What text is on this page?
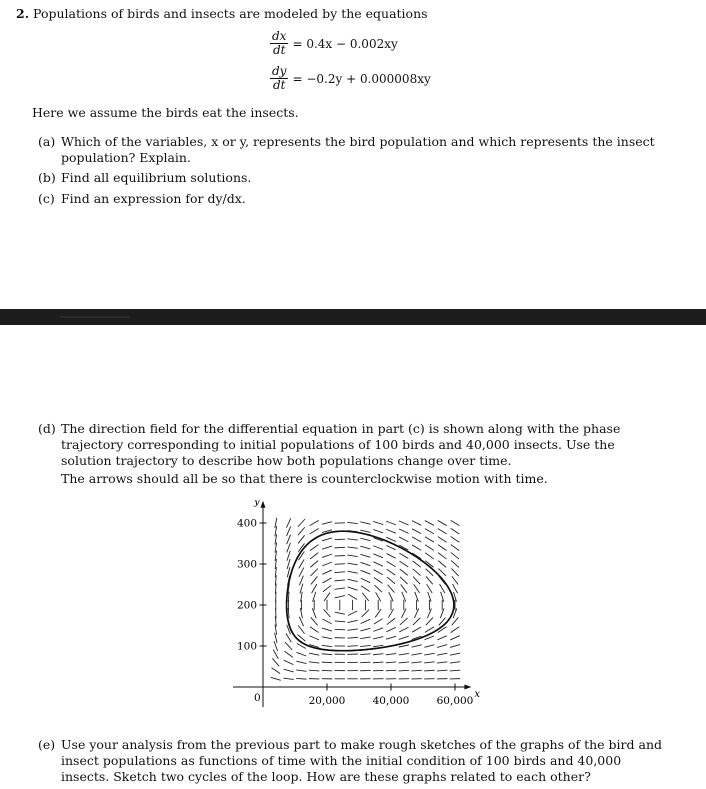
2. Populations of birds and insects are modeled by the equations
$\frac{dx}{dt} = 0.4x - 0.002xy$
$\frac{dy}{dt} = -0.2y + 0.000008xy$
Here we assume the birds eat the insects.
(a) Which of the variables, x or y, represents the bird population and which represents the insect population? Explain.
(b) Find all equilibrium solutions.
(c) Find an expression for dy/dx.
(d) The direction field for the differential equation in part (c) is shown along with the phase trajectory corresponding to initial populations of 100 birds and 40,000 insects. Use the solution trajectory to describe how both populations change over time.
The arrows should all be so that there is counterclockwise motion with time.
x
y
0	20,000	40,000	60,000
100
200
300
400
(e) Use your analysis from the previous part to make rough sketches of the graphs of the bird and insect populations as functions of time with the initial condition of 100 birds and 40,000 insects. Sketch two cycles of the loop. How are these graphs related to each other?
